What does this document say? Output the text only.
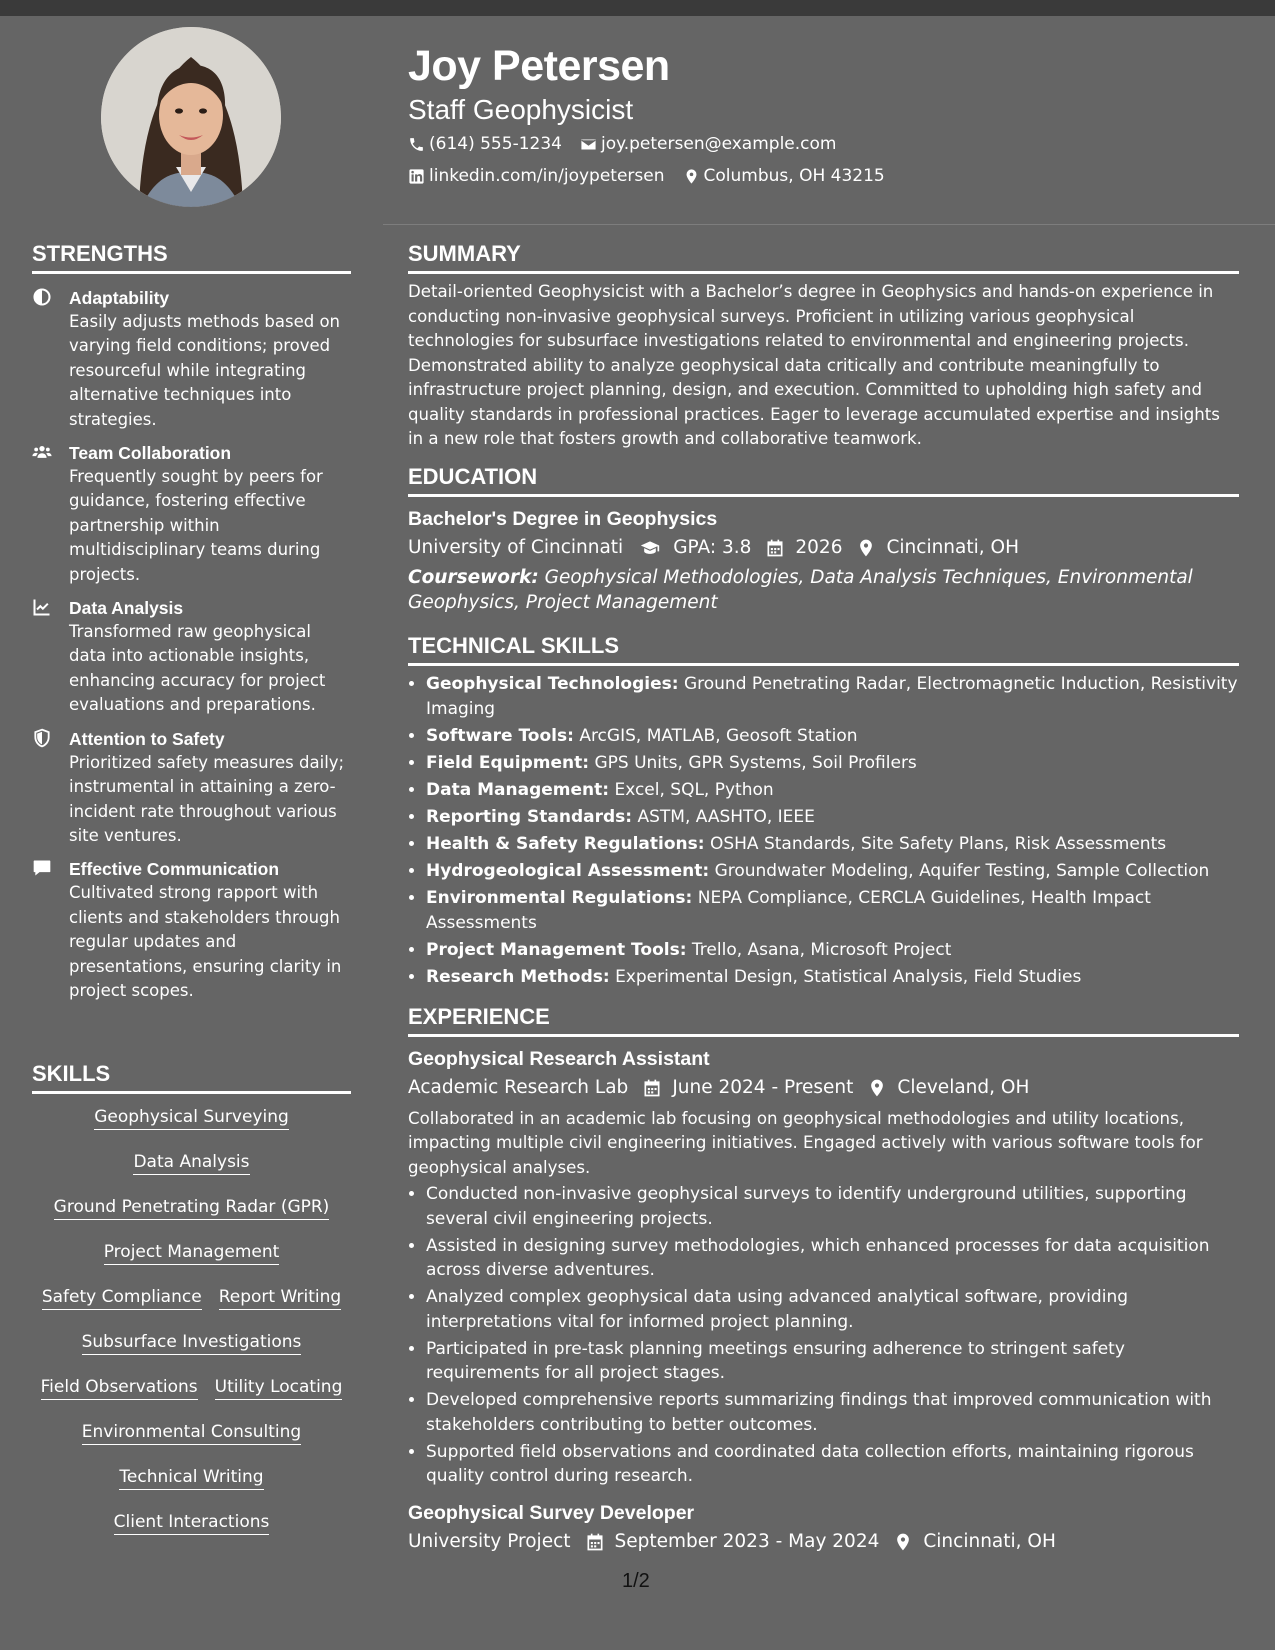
Joy Petersen
Staff Geophysicist
(614) 555-1234 joy.petersen@example.com
linkedin.com/in/joypetersen Columbus, OH 43215
STRENGTHS
Adaptability
Easily adjusts methods based on varying field conditions; proved resourceful while integrating alternative techniques into strategies.
Team Collaboration
Frequently sought by peers for guidance, fostering effective partnership within multidisciplinary teams during projects.
Data Analysis
Transformed raw geophysical data into actionable insights, enhancing accuracy for project evaluations and preparations.
Attention to Safety
Prioritized safety measures daily; instrumental in attaining a zero-incident rate throughout various site ventures.
Effective Communication
Cultivated strong rapport with clients and stakeholders through regular updates and presentations, ensuring clarity in project scopes.
SKILLS
Geophysical Surveying
Data Analysis
Ground Penetrating Radar (GPR)
Project Management
Safety Compliance Report Writing
Subsurface Investigations
Field Observations Utility Locating
Environmental Consulting
Technical Writing
Client Interactions
SUMMARY

Detail-oriented Geophysicist with a Bachelor’s degree in Geophysics and hands-on experience in conducting non-invasive geophysical surveys. Proficient in utilizing various geophysical technologies for subsurface investigations related to environmental and engineering projects. Demonstrated ability to analyze geophysical data critically and contribute meaningfully to infrastructure project planning, design, and execution. Committed to upholding high safety and quality standards in professional practices. Eager to leverage accumulated expertise and insights in a new role that fosters growth and collaborative teamwork.

EDUCATION
Bachelor's Degree in Geophysics
University of Cincinnati	GPA: 3.8 2026 Cincinnati, OH
Coursework: Geophysical Methodologies, Data Analysis Techniques, Environmental Geophysics, Project Management
TECHNICAL SKILLS
• Geophysical Technologies: Ground Penetrating Radar, Electromagnetic Induction, Resistivity Imaging
• Software Tools: ArcGIS, MATLAB, Geosoft Station
• Field Equipment: GPS Units, GPR Systems, Soil Profilers
• Data Management: Excel, SQL, Python
• Reporting Standards: ASTM, AASHTO, IEEE
• Health & Safety Regulations: OSHA Standards, Site Safety Plans, Risk Assessments
• Hydrogeological Assessment: Groundwater Modeling, Aquifer Testing, Sample Collection
• Environmental Regulations: NEPA Compliance, CERCLA Guidelines, Health Impact Assessments
• Project Management Tools: Trello, Asana, Microsoft Project
• Research Methods: Experimental Design, Statistical Analysis, Field Studies
EXPERIENCE
Geophysical Research Assistant
Academic Research Lab June 2024 - Present Cleveland, OH

Collaborated in an academic lab focusing on geophysical methodologies and utility locations, impacting multiple civil engineering initiatives. Engaged actively with various software tools for geophysical analyses.

• Conducted non-invasive geophysical surveys to identify underground utilities, supporting several civil engineering projects.
• Assisted in designing survey methodologies, which enhanced processes for data acquisition across diverse adventures.
• Analyzed complex geophysical data using advanced analytical software, providing interpretations vital for informed project planning.
• Participated in pre-task planning meetings ensuring adherence to stringent safety requirements for all project stages.
• Developed comprehensive reports summarizing findings that improved communication with stakeholders contributing to better outcomes.
• Supported field observations and coordinated data collection efforts, maintaining rigorous quality control during research.
Geophysical Survey Developer
University Project September 2023 - May 2024 Cincinnati, OH
1/2
